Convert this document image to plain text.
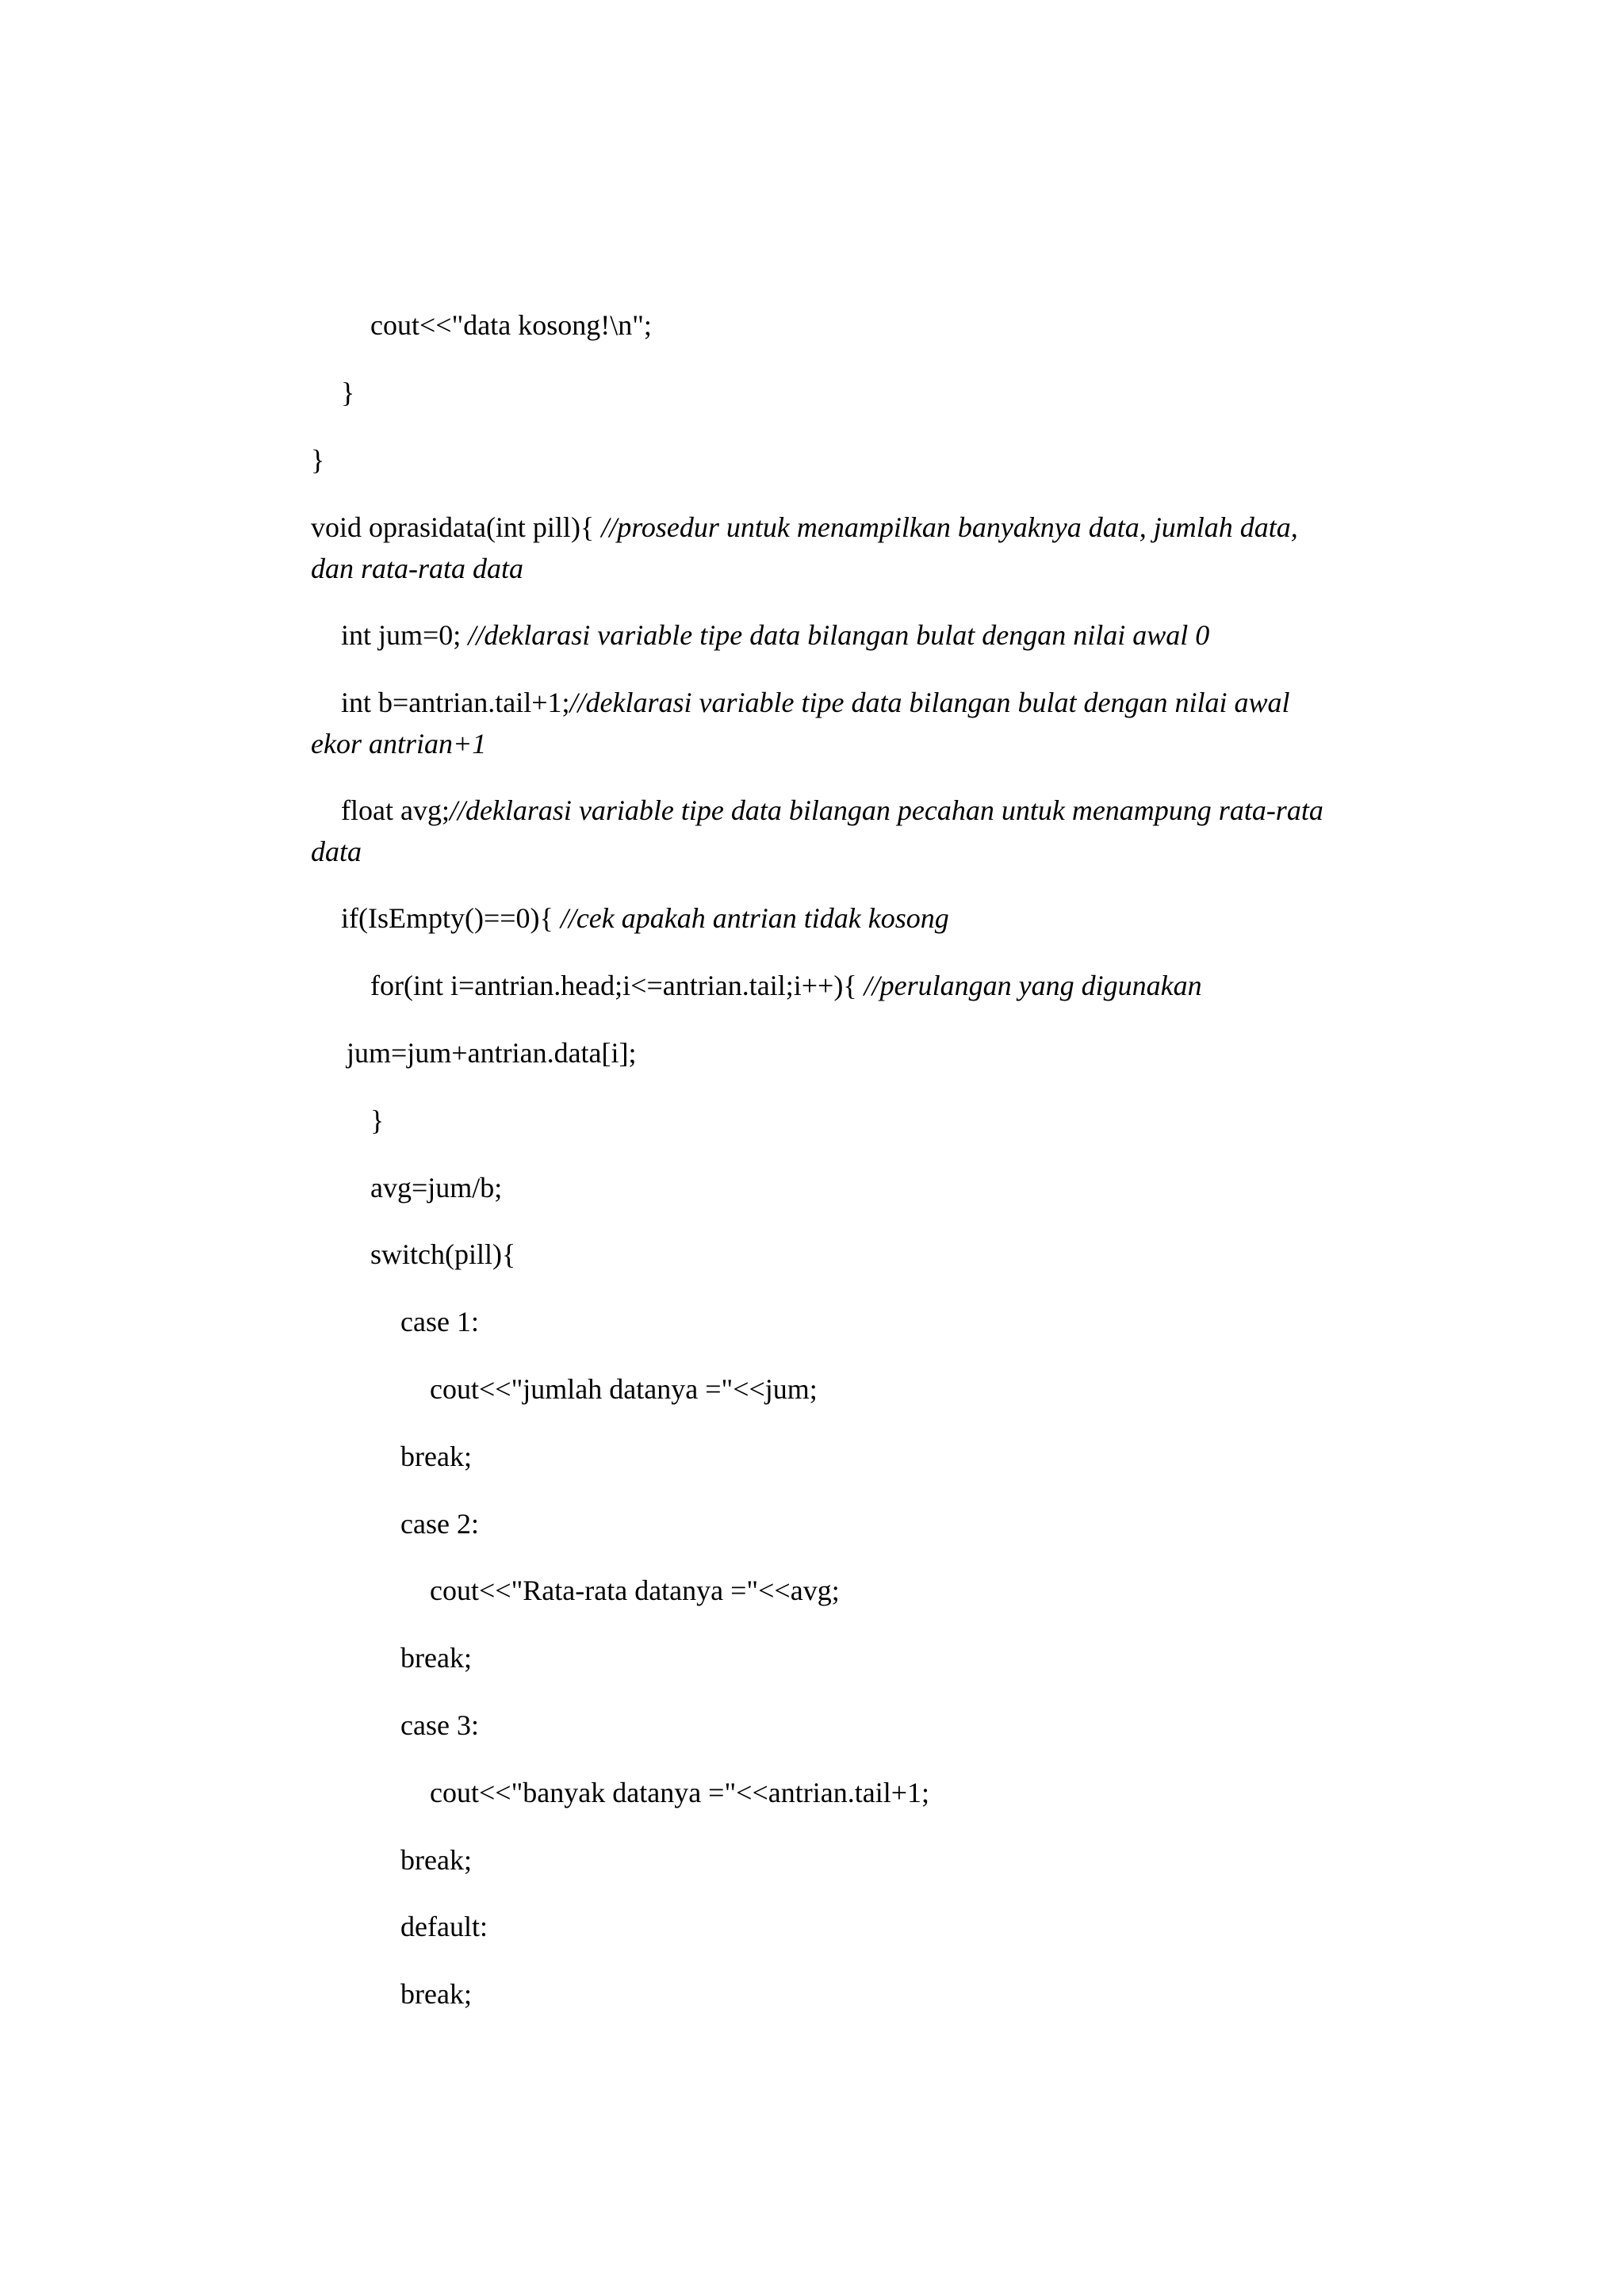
cout<<"data kosong!\n";

}

}

void oprasidata(int pill){ //prosedur untuk menampilkan banyaknya data, jumlah data,

dan rata-rata data

int jum=0; //deklarasi variable tipe data bilangan bulat dengan nilai awal 0

int b=antrian.tail+1;//deklarasi variable tipe data bilangan bulat dengan nilai awal

ekor antrian+1

float avg;//deklarasi variable tipe data bilangan pecahan untuk menampung rata-rata

data

if(IsEmpty()==0){ //cek apakah antrian tidak kosong

for(int i=antrian.head;i<=antrian.tail;i++){ //perulangan yang digunakan

jum=jum+antrian.data[i];

}

avg=jum/b;

switch(pill){

case 1:

cout<<"jumlah datanya ="<<jum;

break;

case 2:

cout<<"Rata-rata datanya ="<<avg;

break;

case 3:

cout<<"banyak datanya ="<<antrian.tail+1;

break;

default:

break;
